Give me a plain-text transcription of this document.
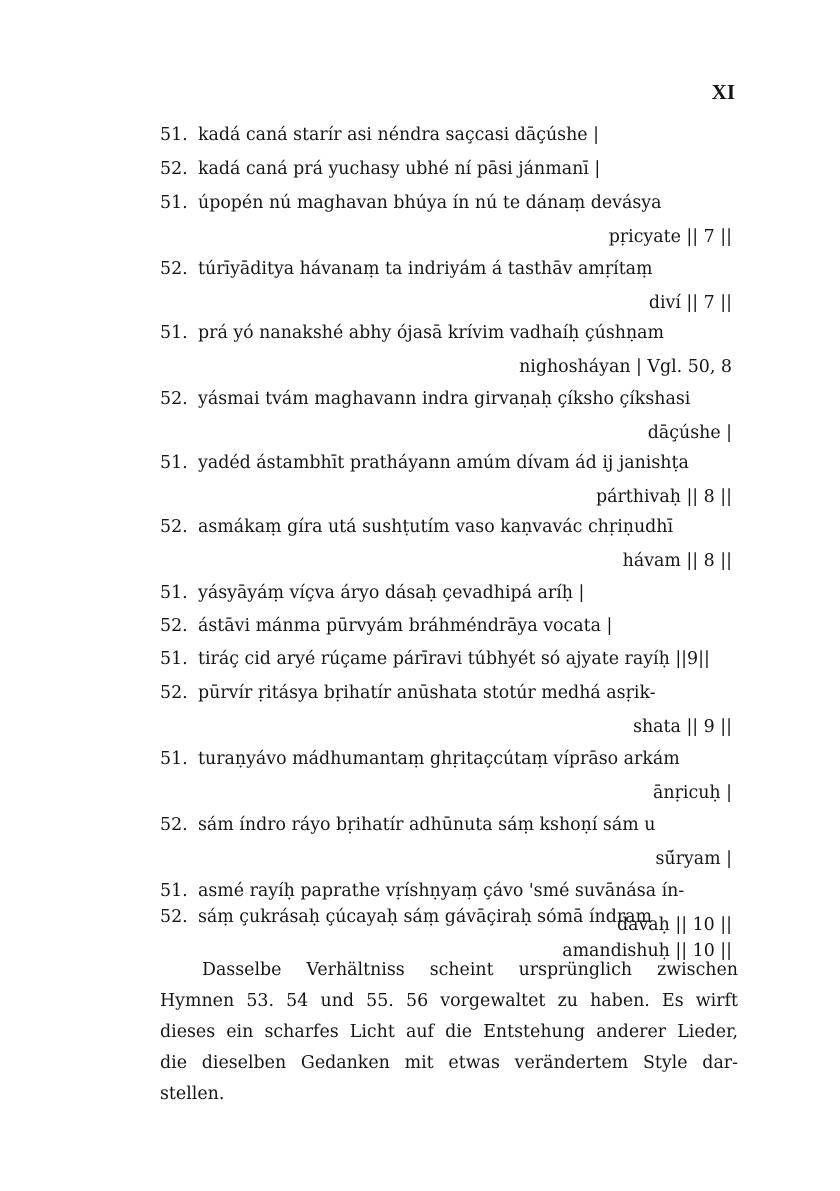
XI
51. kadá caná starír asi néndra saçcasi dāçúshe |
52. kadá caná prá yuchasy ubhé ní pāsi jánmanī |
51. úpopén nú maghavan bhúya ín nú te dánaṃ devásya
pṛicyate || 7 ||
52. túrīyāditya hávanaṃ ta indriyám á tasthāv amṛítaṃ
diví || 7 ||
51. prá yó nanakshé abhy ójasā krívim vadhaíḥ çúshṇam
nighosháyan | Vgl. 50, 8
52. yásmai tvám maghavann indra girvaṇaḥ çíksho çíkshasi
dāçúshe |
51. yadéd ástambhīt pratháyann amúm dívam ád ij janishṭa
párthivaḥ || 8 ||
52. asmákaṃ gíra utá sushṭutím vaso kaṇvavác chṛiṇudhī
hávam || 8 ||
51. yásyāyáṃ víçva áryo dásaḥ çevadhipá aríḥ |
52. ástāvi mánma pūrvyám bráhméndrāya vocata |
51. tiráç cid aryé rúçame párīravi túbhyét só ajyate rayíḥ ||9||
52. pūrvír ṛitásya bṛihatír anūshata stotúr medhá asṛik-
shata || 9 ||
51. turaṇyávo mádhumantaṃ ghṛitaçcútaṃ víprāso arkám
ānṛicuḥ |
52. sám índro ráyo bṛihatír adhūnuta sáṃ kshoṇí sám u
sū́ryam |
51. asmé rayíḥ paprathe vṛíshṇyaṃ çávo 'smé suvānása ín-
davaḥ || 10 ||
52. sáṃ çukrásaḥ çúcayaḥ sáṃ gávāçiraḥ sómā índram
amandishuḥ || 10 ||
Dasselbe Verhältniss scheint ursprünglich zwischen
Hymnen 53. 54 und 55. 56 vorgewaltet zu haben. Es wirft
dieses ein scharfes Licht auf die Entstehung anderer Lieder,
die dieselben Gedanken mit etwas verändertem Style dar-
stellen.
